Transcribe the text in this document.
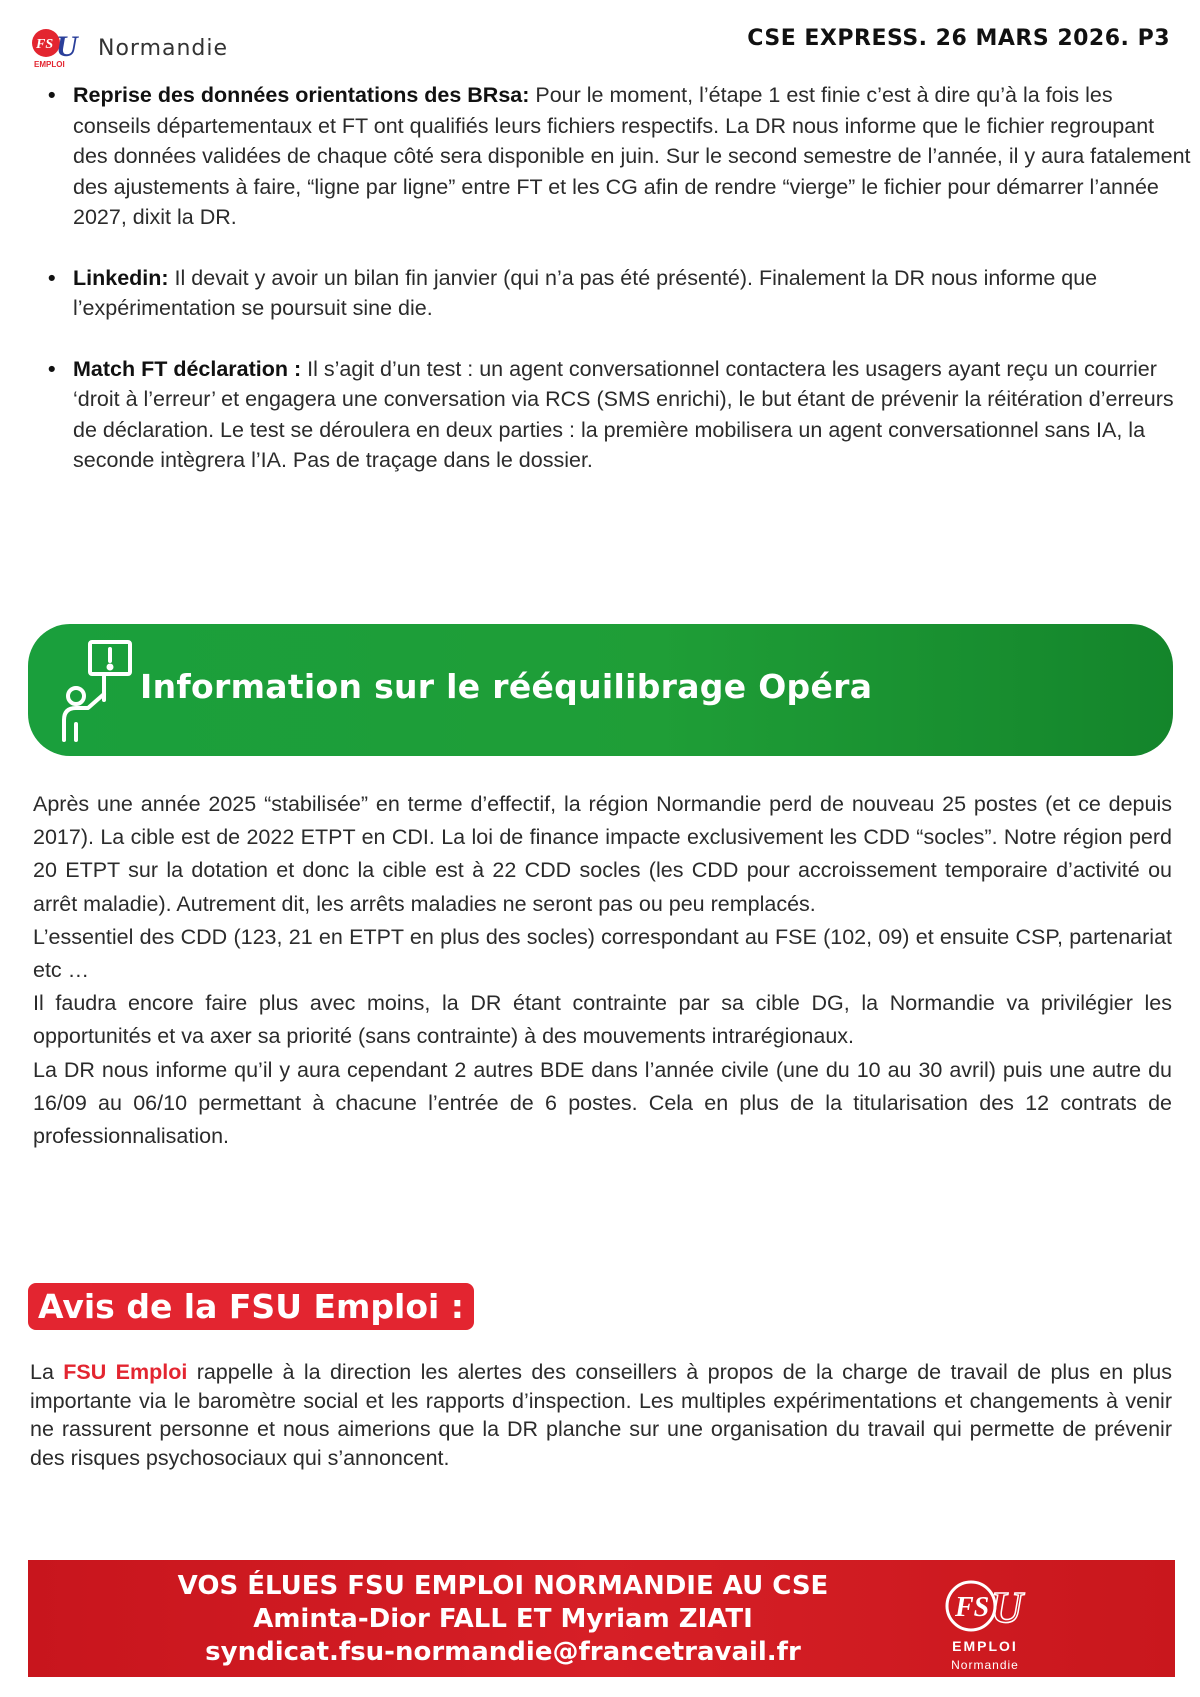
FS U
EMPLOI
Normandie	CSE EXPRESS. 26 MARS 2026. P3
• Reprise des données orientations des BRsa: Pour le moment, l’étape 1 est finie c’est à dire qu’à la fois les conseils départementaux et FT ont qualifiés leurs fichiers respectifs. La DR nous informe que le fichier regroupant des données validées de chaque côté sera disponible en juin. Sur le second semestre de l’année, il y aura fatalement des ajustements à faire, “ligne par ligne” entre FT et les CG afin de rendre “vierge” le fichier pour démarrer l’année 2027, dixit la DR.
• Linkedin: Il devait y avoir un bilan fin janvier (qui n’a pas été présenté). Finalement la DR nous informe que l’expérimentation se poursuit sine die.
• Match FT déclaration : Il s’agit d’un test : un agent conversationnel contactera les usagers ayant reçu un courrier ‘droit à l’erreur’ et engagera une conversation via RCS (SMS enrichi), le but étant de prévenir la réitération d’erreurs de déclaration. Le test se déroulera en deux parties : la première mobilisera un agent conversationnel sans IA, la seconde intègrera l’IA. Pas de traçage dans le dossier.
Information sur le rééquilibrage Opéra

Après une année 2025 “stabilisée” en terme d’effectif, la région Normandie perd de nouveau 25 postes (et ce depuis 2017). La cible est de 2022 ETPT en CDI. La loi de finance impacte exclusivement les CDD “socles”. Notre région perd 20 ETPT sur la dotation et donc la cible est à 22 CDD socles (les CDD pour accroissement temporaire d’activité ou arrêt maladie). Autrement dit, les arrêts maladies ne seront pas ou peu remplacés.

L’essentiel des CDD (123, 21 en ETPT en plus des socles) correspondant au FSE (102, 09) et ensuite CSP, partenariat etc …

Il faudra encore faire plus avec moins, la DR étant contrainte par sa cible DG, la Normandie va privilégier les opportunités et va axer sa priorité (sans contrainte) à des mouvements intrarégionaux.

La DR nous informe qu’il y aura cependant 2 autres BDE dans l’année civile (une du 10 au 30 avril) puis une autre du 16/09 au 06/10 permettant à chacune l’entrée de 6 postes. Cela en plus de la titularisation des 12 contrats de professionnalisation.

Avis de la FSU Emploi :

La FSU Emploi rappelle à la direction les alertes des conseillers à propos de la charge de travail de plus en plus importante via le baromètre social et les rapports d’inspection. Les multiples expérimentations et changements à venir ne rassurent personne et nous aimerions que la DR planche sur une organisation du travail qui permette de prévenir des risques psychosociaux qui s’annoncent.

VOS ÉLUES FSU EMPLOI NORMANDIE AU CSE
Aminta-Dior FALL ET Myriam ZIATI
syndicat.fsu-normandie@francetravail.fr
FS U
EMPLOI
Normandie
